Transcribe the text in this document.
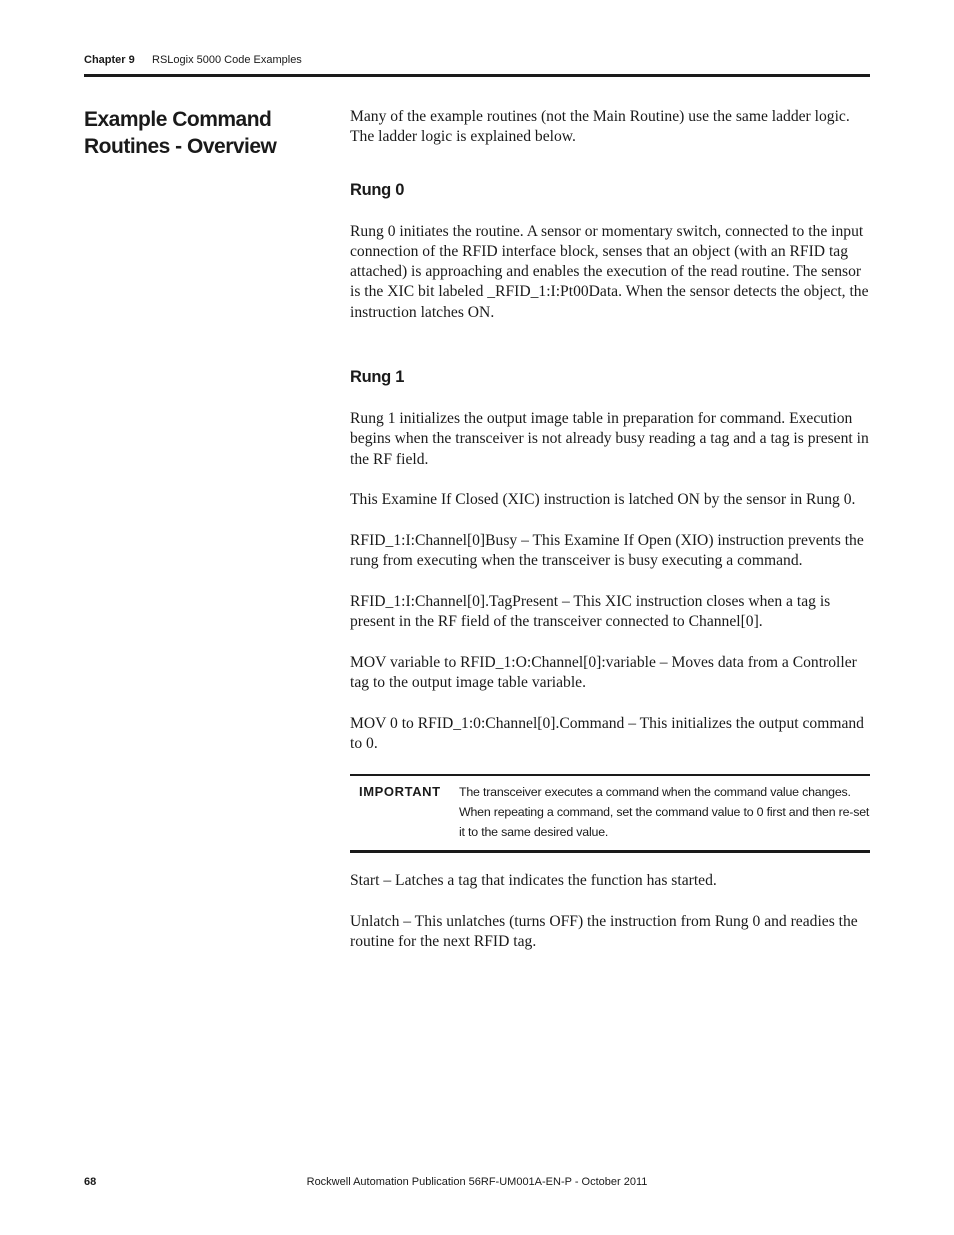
Chapter 9 RSLogix 5000 Code Examples
Example Command Routines - Overview

Many of the example routines (not the Main Routine) use the same ladder logic. The ladder logic is explained below.

Rung 0

Rung 0 initiates the routine. A sensor or momentary switch, connected to the input connection of the RFID interface block, senses that an object (with an RFID tag attached) is approaching and enables the execution of the read routine. The sensor is the XIC bit labeled _RFID_1:I:Pt00Data. When the sensor detects the object, the instruction latches ON.

Rung 1

Rung 1 initializes the output image table in preparation for command. Execution begins when the transceiver is not already busy reading a tag and a tag is present in the RF field.

This Examine If Closed (XIC) instruction is latched ON by the sensor in Rung 0.

RFID_1:I:Channel[0]Busy – This Examine If Open (XIO) instruction prevents the rung from executing when the transceiver is busy executing a command.

RFID_1:I:Channel[0].TagPresent – This XIC instruction closes when a tag is present in the RF field of the transceiver connected to Channel[0].

MOV variable to RFID_1:O:Channel[0]:variable – Moves data from a Controller tag to the output image table variable.

MOV 0 to RFID_1:0:Channel[0].Command – This initializes the output command to 0.

IMPORTANT	The transceiver executes a command when the command value changes. When repeating a command, set the command value to 0 first and then re-set it to the same desired value.

Start – Latches a tag that indicates the function has started.

Unlatch – This unlatches (turns OFF) the instruction from Rung 0 and readies the routine for the next RFID tag.

68	Rockwell Automation Publication 56RF-UM001A-EN-P - October 2011
